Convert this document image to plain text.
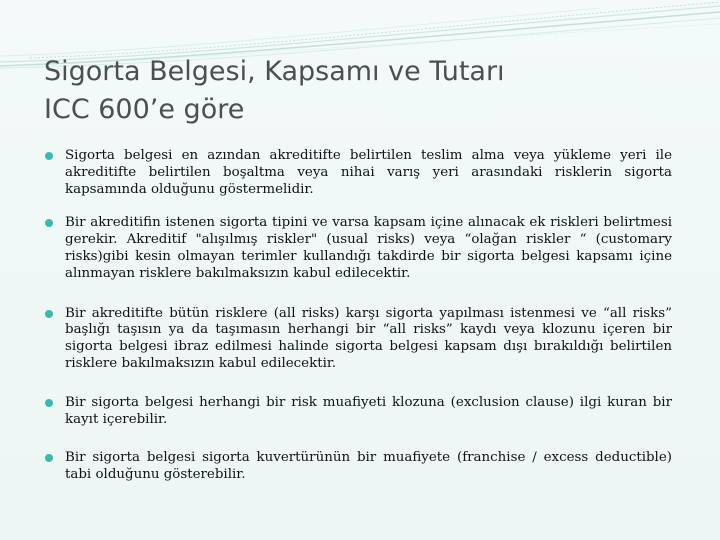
Sigorta Belgesi, Kapsamı ve Tutarı
ICC 600’e göre
Sigorta belgesi en azından akreditifte belirtilen teslim alma veya yükleme yeri ile akreditifte belirtilen boşaltma veya nihai varış yeri arasındaki risklerin sigorta kapsamında olduğunu göstermelidir.
Bir akreditifin istenen sigorta tipini ve varsa kapsam içine alınacak ek riskleri belirtmesi gerekir. Akreditif "alışılmış riskler" (usual risks) veya “olağan riskler “ (customary risks)gibi kesin olmayan terimler kullandığı takdirde bir sigorta belgesi kapsamı içine alınmayan risklere bakılmaksızın kabul edilecektir.
Bir akreditifte bütün risklere (all risks) karşı sigorta yapılması istenmesi ve “all risks” başlığı taşısın ya da taşımasın herhangi bir “all risks” kaydı veya klozunu içeren bir sigorta belgesi ibraz edilmesi halinde sigorta belgesi kapsam dışı bırakıldığı belirtilen risklere bakılmaksızın kabul edilecektir.
Bir sigorta belgesi herhangi bir risk muafiyeti klozuna (exclusion clause) ilgi kuran bir kayıt içerebilir.
Bir sigorta belgesi sigorta kuvertürünün bir muafiyete (franchise / excess deductible) tabi olduğunu gösterebilir.
